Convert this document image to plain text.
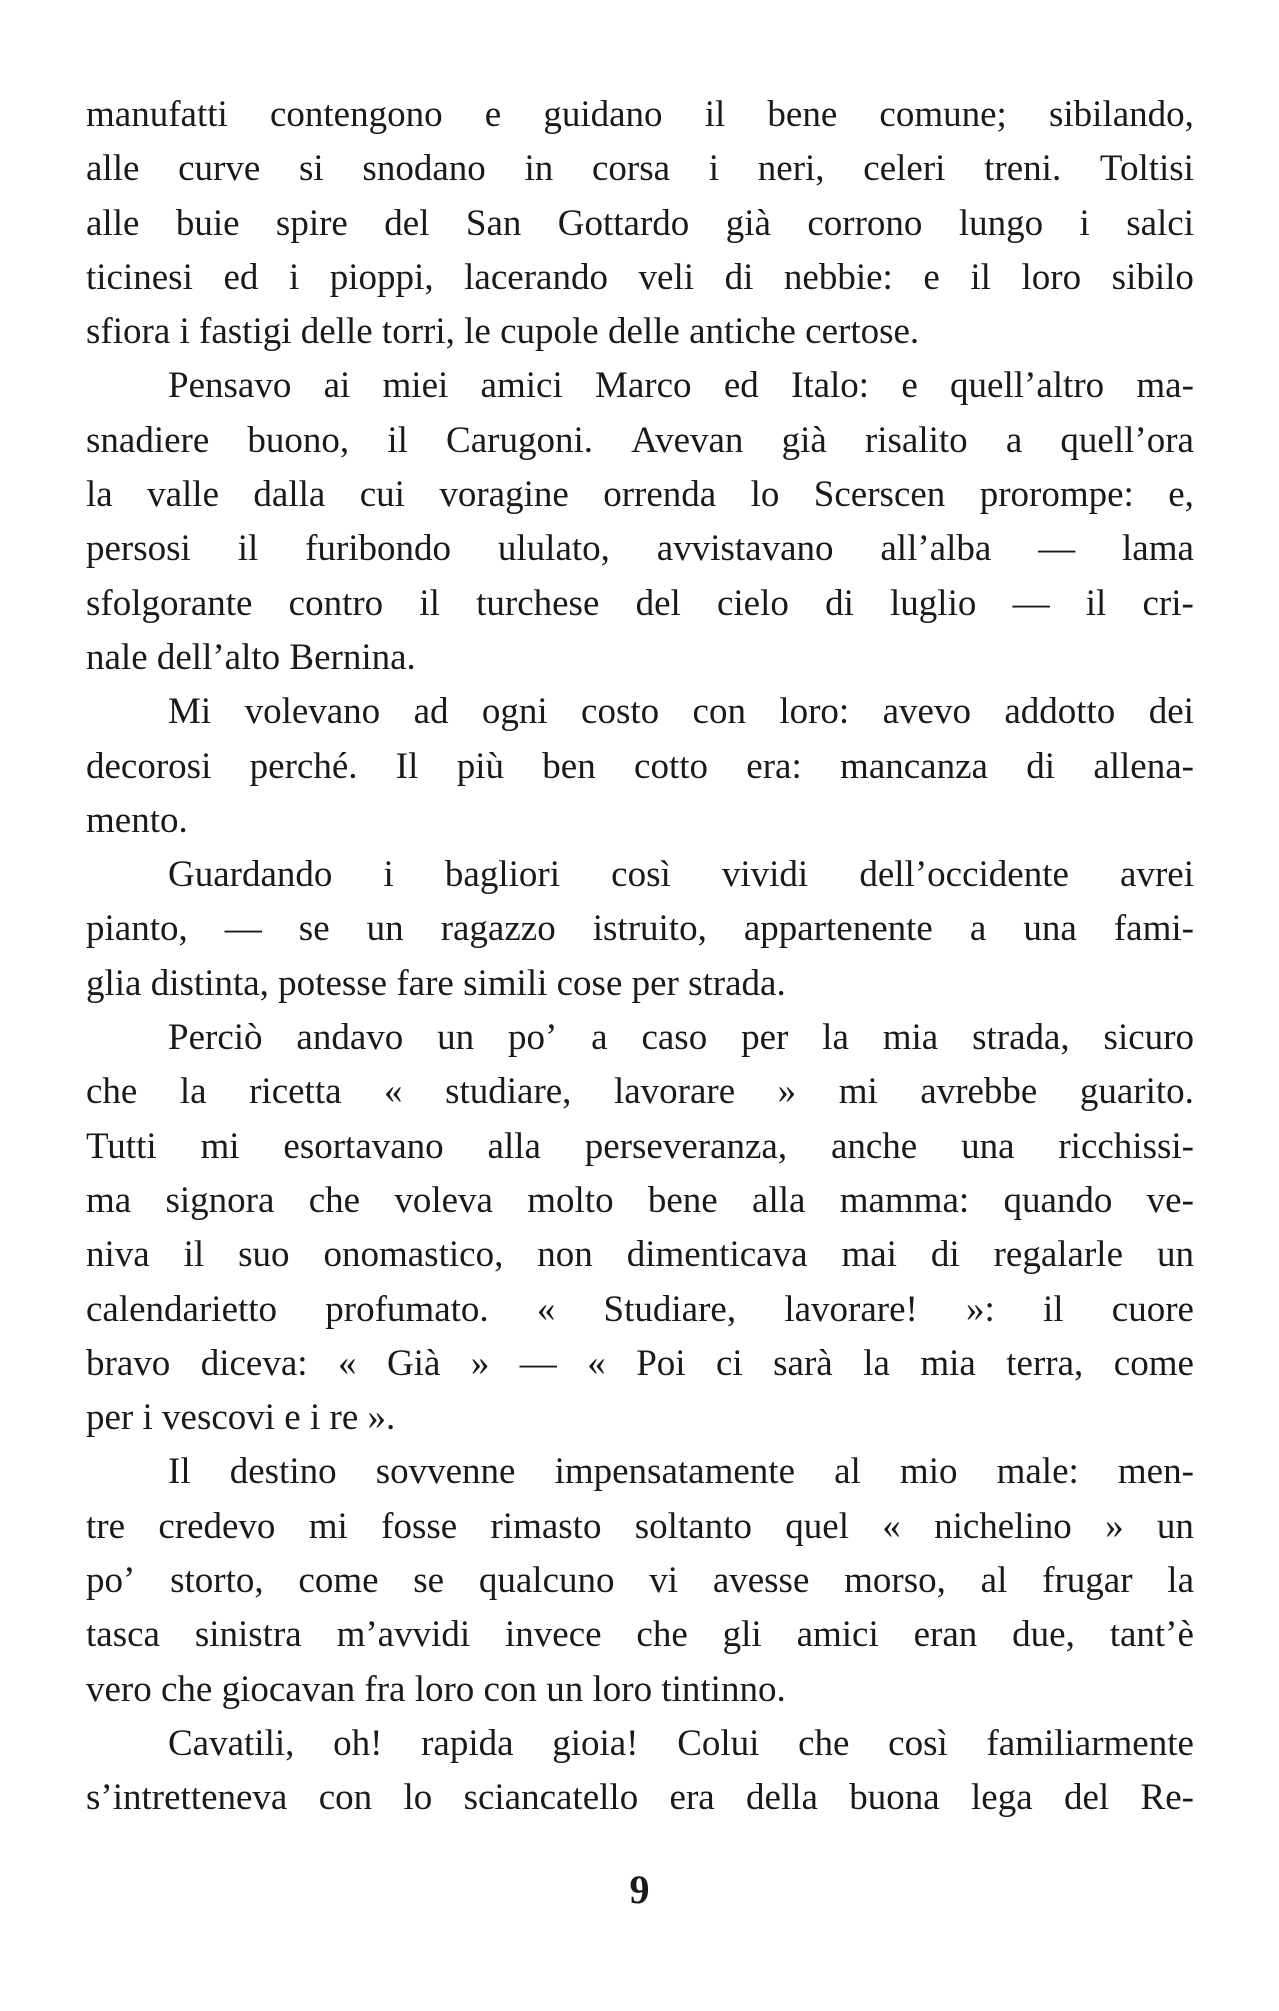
manufatti contengono e guidano il bene comune; sibilando,
alle curve si snodano in corsa i neri, celeri treni. Toltisi
alle buie spire del San Gottardo già corrono lungo i salci
ticinesi ed i pioppi, lacerando veli di nebbie: e il loro sibilo
sfiora i fastigi delle torri, le cupole delle antiche certose.
Pensavo ai miei amici Marco ed Italo: e quell’altro ma-
snadiere buono, il Carugoni. Avevan già risalito a quell’ora
la valle dalla cui voragine orrenda lo Scerscen prorompe: e,
persosi il furibondo ululato, avvistavano all’alba — lama
sfolgorante contro il turchese del cielo di luglio — il cri-
nale dell’alto Bernina.
Mi volevano ad ogni costo con loro: avevo addotto dei
decorosi perché. Il più ben cotto era: mancanza di allena-
mento.
Guardando i bagliori così vividi dell’occidente avrei
pianto, — se un ragazzo istruito, appartenente a una fami-
glia distinta, potesse fare simili cose per strada.
Perciò andavo un po’ a caso per la mia strada, sicuro
che la ricetta « studiare, lavorare » mi avrebbe guarito.
Tutti mi esortavano alla perseveranza, anche una ricchissi-
ma signora che voleva molto bene alla mamma: quando ve-
niva il suo onomastico, non dimenticava mai di regalarle un
calendarietto profumato. « Studiare, lavorare! »: il cuore
bravo diceva: « Già » — « Poi ci sarà la mia terra, come
per i vescovi e i re ».
Il destino sovvenne impensatamente al mio male: men-
tre credevo mi fosse rimasto soltanto quel « nichelino » un
po’ storto, come se qualcuno vi avesse morso, al frugar la
tasca sinistra m’avvidi invece che gli amici eran due, tant’è
vero che giocavan fra loro con un loro tintinno.
Cavatili, oh! rapida gioia! Colui che così familiarmente
s’intretteneva con lo sciancatello era della buona lega del Re-
9
